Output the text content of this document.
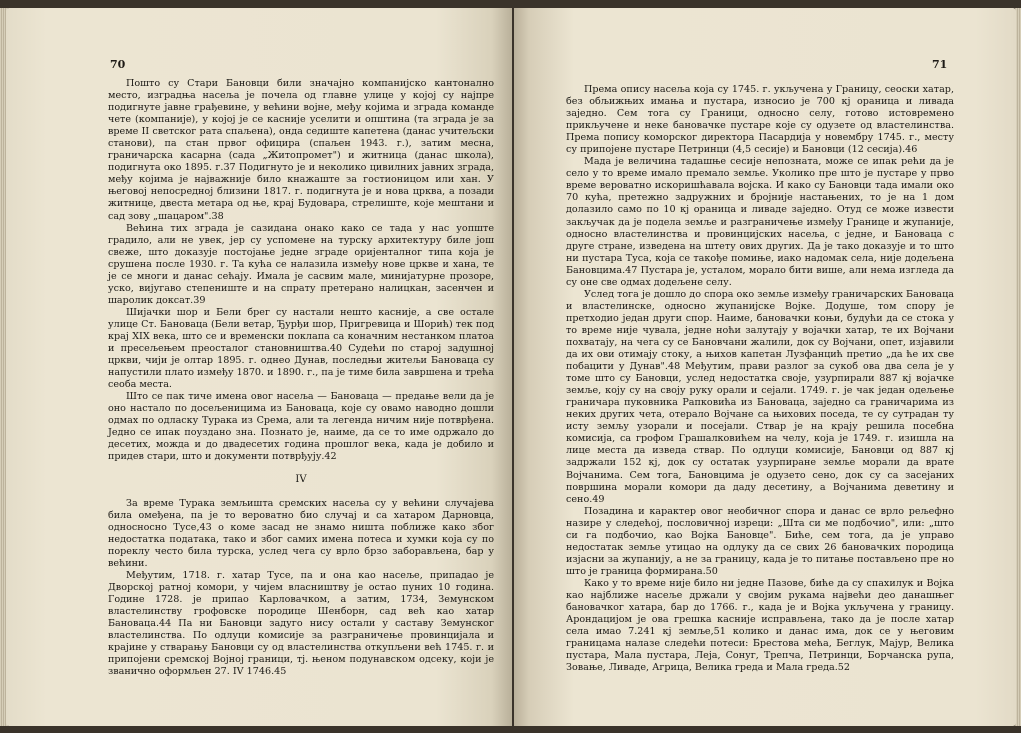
70

Пошто су Стари Бановци били значајно компанијско кантонално место, изградња насеља је почела од главне улице у којој су најпре подигнуте јавне грађевине, у већини војне, међу којима и зграда команде чете (компаније), у којој је се касније уселити и општина (та зграда је за време II светског рата спаљена), онда седиште капетена (данас учитељски станови), па стан првог официра (спаљен 1943. г.), затим месна, граничарска касарна (сада „Житопромет") и житница (данас школа), подигнута око 1895. г.37 Подигнуто је и неколико цивилних јавних зграда, међу којима је најважније било кнажаште за гостионицом или хан. У његовој непосредној близини 1817. г. подигнута је и нова црква, а позади житнице, двеста метара од ње, крај Будовара, стрелиште, које мештани и сад зову „шацаром".38

Већина тих зграда је сазидана онако како се тада у нас уопште градило, али не увек, јер су успомене на турску архитектуру биле још свеже, што доказује постојање једне зграде оријенталног типа која је срушена после 1930. г. Та кућа се налазила између нове цркве и хана, те је се многи и данас сећају. Имала је сасвим мале, минијатурне прозоре, уско, вијугаво степениште и на спрату претерано налицкан, засенчен и шаролик доксат.39

Шијачки шор и Бели брег су настали нешто касније, а све остале улице Ст. Бановаца (Бели ветар, Ђурђи шор, Пригревица и Шорић) тек под крај XIX века, што се и временски поклапа са коначним нестанком платоа и пресељењем преосталог становништва.40 Судећи по старој задушној цркви, чији је олтар 1895. г. однео Дунав, последњи житељи Бановаца су напустили плато између 1870. и 1890. г., па је тиме била завршена и трећа сеоба места.

Што се пак тиче имена овог насеља — Бановаца — предање вели да је оно настало по досељеницима из Бановаца, које су овамо наводно дошли одмах по одласку Турака из Срема, али та легенда ничим није потврђена. Једно се ипак поуздано зна. Познато је, наиме, да се то име одржало до десетих, можда и до двадесетих година прошлог века, када је добило и придев стари, што и документи потврђују.42

IV

За време Турака земљишта сремских насеља су у већини случајева била омеђена, па је то вероватно био случај и са хатаром Дарновца, односносно Тусе,43 о коме засад не знамо ништа поближе како због недостатка података, тако и због самих имена потеса и хумки која су по пореклу често била турска, услед чега су врло брзо заборављена, бар у већини.

Међутим, 1718. г. хатар Тусе, па и она као насеље, припадао је Дворској ратној комори, у чијем власништву је остао пуних 10 година. Године 1728. је припао Карловачком, а затим, 1734, Земунском властелинству грофовске породице Шенборн, сад већ као хатар Бановаца.44 Па ни Бановци задуго нису остали у саставу Земунског властелинства. По одлуци комисије за разграничење провинцијала и крајине у стварању Бановци су од властелинства откупљени већ 1745. г. и припојени сремској Војној граници, тј. њеном подунавском одсеку, који је званично оформљен 27. IV 1746.45

71

Према опису насеља која су 1745. г. укључена у Границу, сеоски хатар, без обљижњих имања и пустара, износио је 700 кј ораница и ливада заједно. Сем тога су Граници, односно селу, готово истовремено прикључене и неке бановачке пустаре које су одузете од властелинства. Према попису коморског директора Пасардија у новембру 1745. г., месту су припојене пустаре Петринци (4,5 сесије) и Бановци (12 сесија).46

Мада је величина тадашње сесије непозната, може се ипак рећи да је село у то време имало премало земље. Уколико пре што је пустаре у прво време вероватно искоришћавала војска. И како су Бановци тада имали око 70 кућа, претежно задружних и бројније настањених, то је на 1 дом долазило само по 10 кј ораница и ливаде заједно. Отуд се може извести закључак да је подела земље и разграничење између Границе и жупаније, односно властелинства и провинцијских насеља, с једне, и Бановаца с друге стране, изведена на штету ових других. Да је тако доказује и то што ни пустара Туса, која се такође помиње, иако надомак села, није додељена Бановцима.47 Пустара је, усталом, морало бити више, али нема изгледа да су оне све одмах додељене селу.

Услед тога је дошло до спора око земље између граничарских Бановаца и властелинске, односно жупанијске Војке. Додуше, том спору је претходио један други спор. Наиме, бановачки коњи, будући да се стока у то време није чувала, једне ноћи залутају у војачки хатар, те их Војчани похватају, на чега су се Бановчани жалили, док су Војчани, опет, изјавили да их ови отимају стоку, а њихов капетан Лузфанцић претио „да ће их све побацити у Дунав".48 Међутим, прави разлог за сукоб ова два села је у томе што су Бановци, услед недостатка своје, узурпирали 887 кј војачке земље, коју су на своју руку орали и сејали. 1749. г. је чак један одељење граничара пуковника Рапковића из Бановаца, заједно са граничарима из неких других чета, отерало Војчане са њихових поседа, те су сутрадан ту исту земљу узорали и посејали. Ствар је на крају решила посебна комисија, са грофом Грашалковићем на челу, која је 1749. г. изишла на лице места да изведа ствар. По одлуци комисије, Бановци од 887 кј задржали 152 кј, док су остатак узурпиране земље морали да врате Војчанима. Сем тога, Бановцима је одузето сено, док су са засејаних површина морали комори да даду десетину, а Војчанима деветину и сено.49

Позадина и карактер овог необичног спора и данас се врло рељефно назире у следећој, пословичној изреци: „Шта си ме подбочио", или: „што си га подбочио, као Војка Бановце". Биће, сем тога, да је управо недостатак земље утицао на одлуку да се свих 26 бановачких породица изјасни за жупанију, а не за границу, када је то питање постављено пре но што је граница формирана.50

Како у то време није било ни једне Пазове, биће да су спахилук и Војка као најближе насеље држали у својим рукама највећи део данашњег бановачког хатара, бар до 1766. г., када је и Војка укључена у границу. Арондацијом је ова грешка касније исправљена, тако да је после хатар села имао 7.241 кј земље,51 колико и данас има, док се у његовим границама налазе следећи потеси: Брестова мећа, Беглук, Мајур, Велика пустара, Мала пустара, Леја, Сонуг, Трепча, Петринци, Борчанска рупа, Зовање, Ливаде, Агрица, Велика греда и Мала греда.52
